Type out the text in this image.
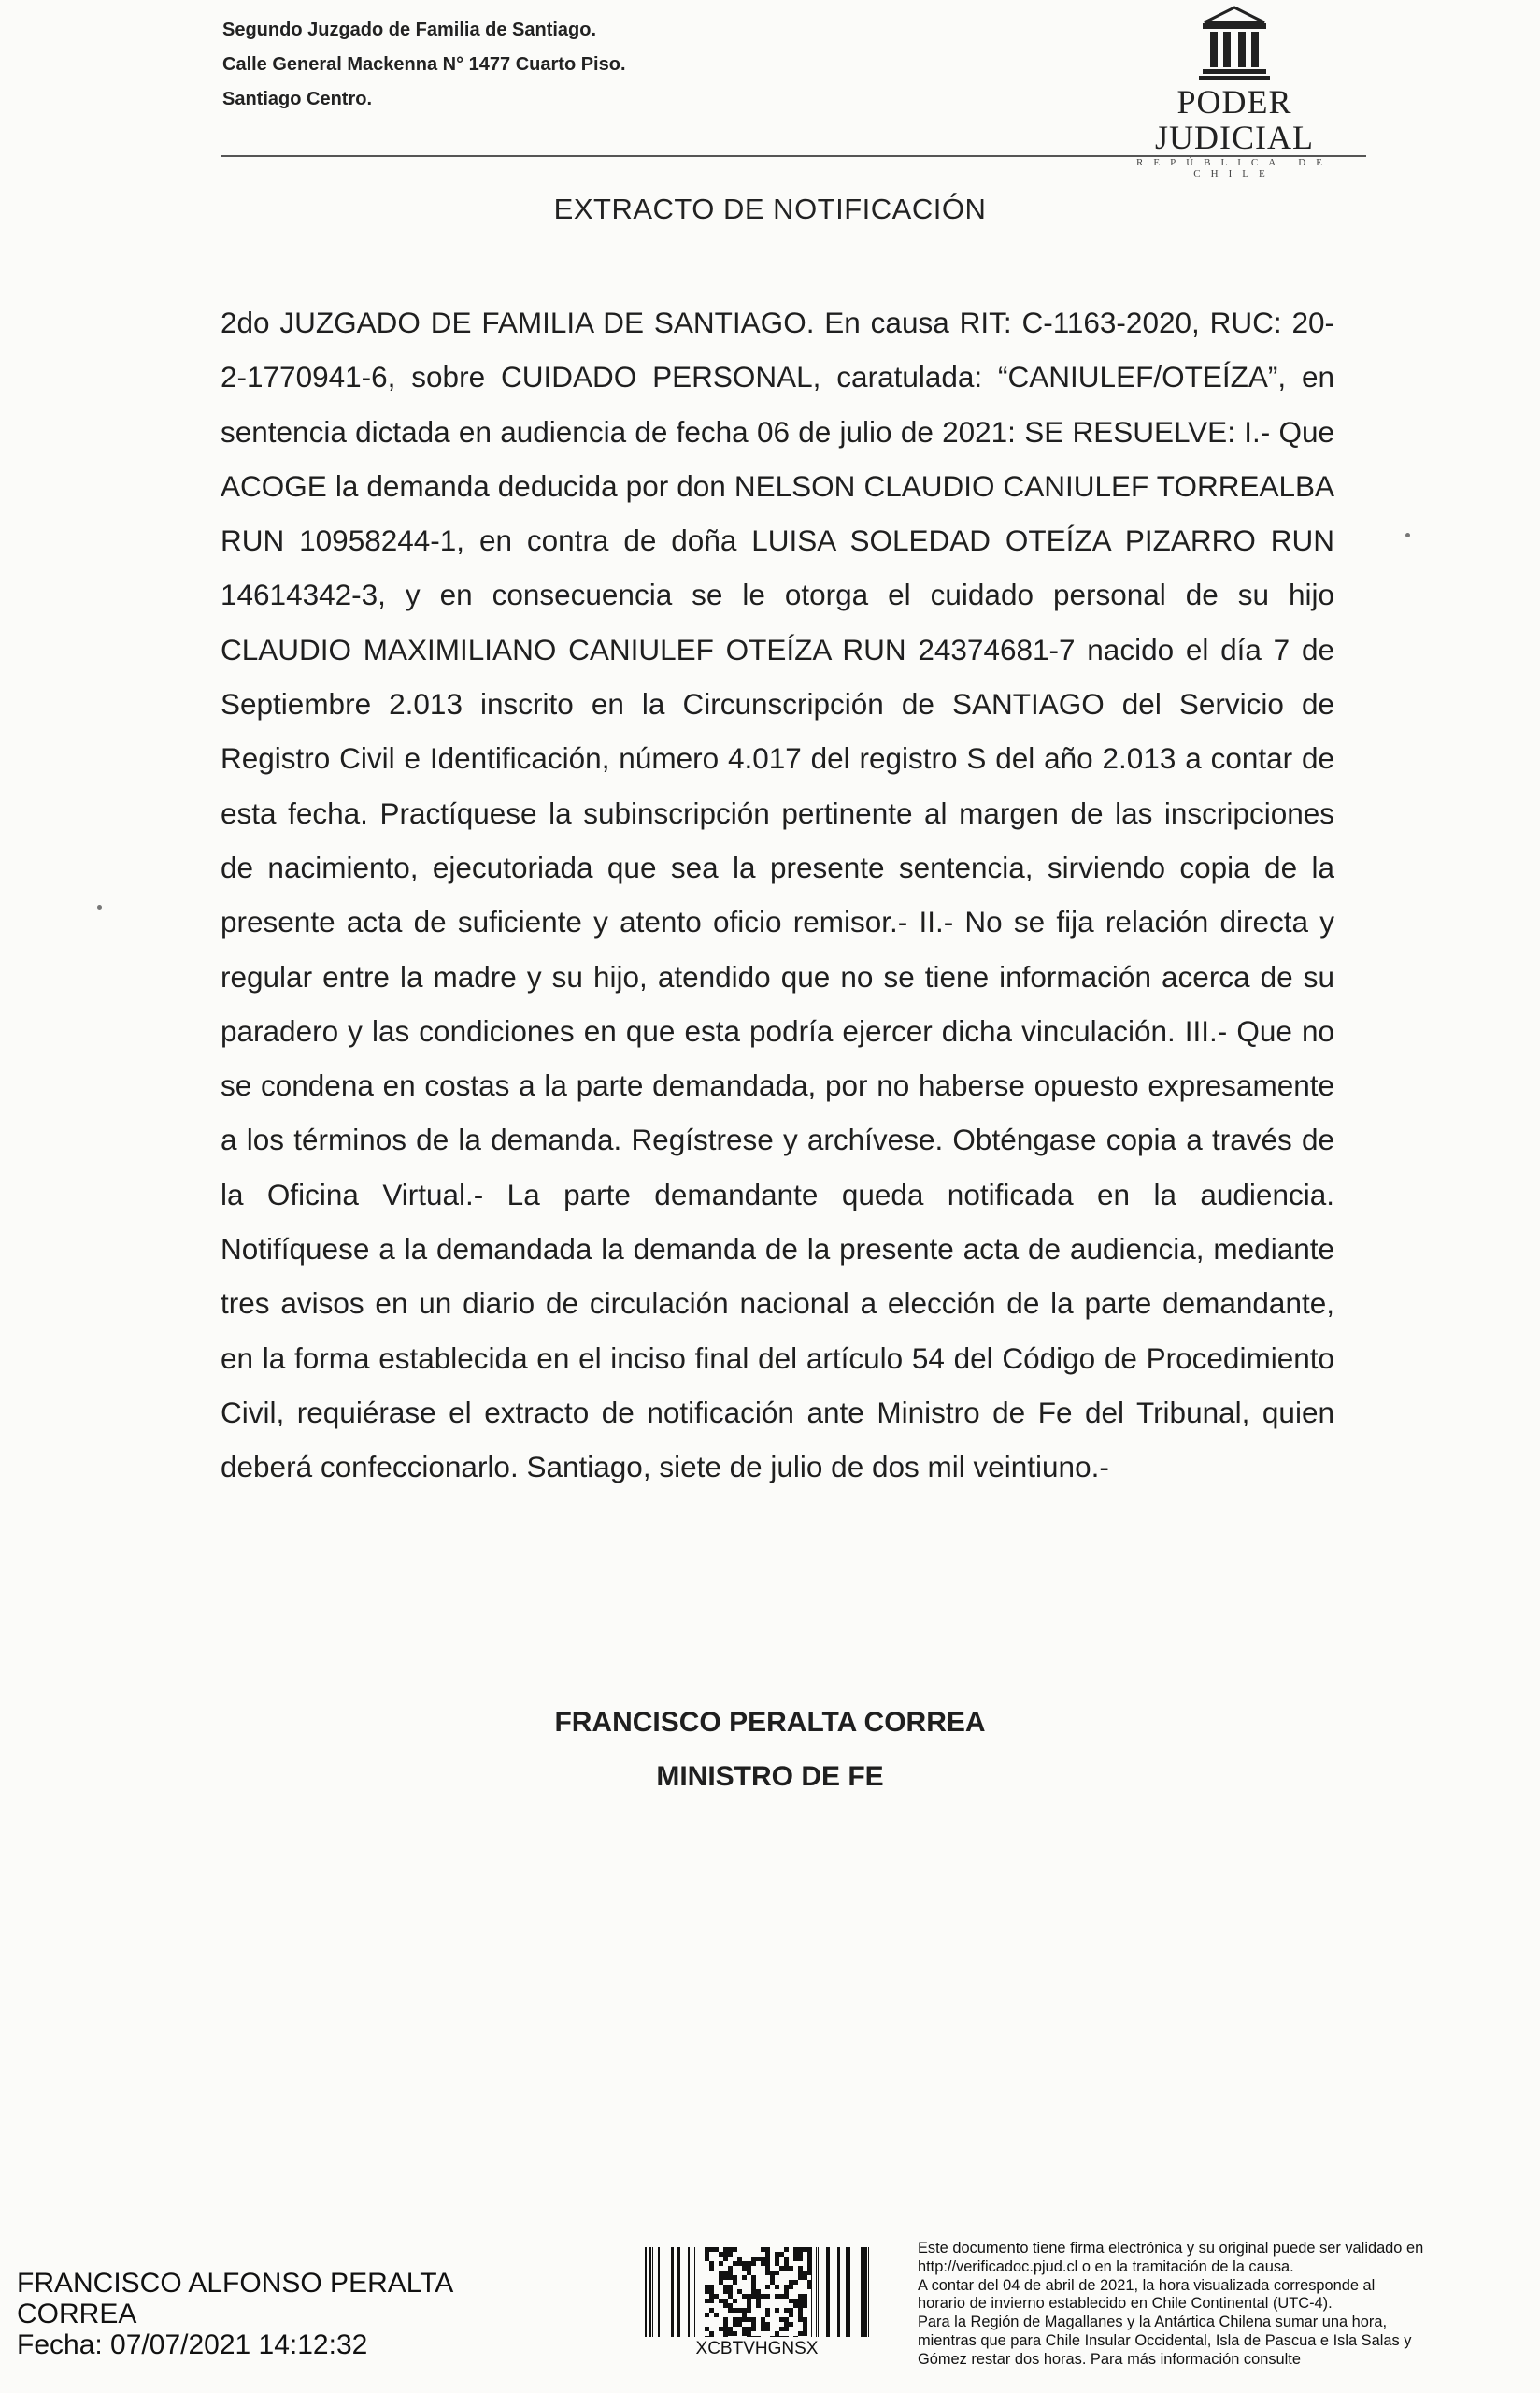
Segundo Juzgado de Familia de Santiago.
Calle General Mackenna N° 1477 Cuarto Piso.
Santiago Centro.	PODER JUDICIAL
REPÚBLICA DE CHILE
EXTRACTO DE NOTIFICACIÓN
2do JUZGADO DE FAMILIA DE SANTIAGO. En causa RIT: C-1163-2020, RUC: 20-2-1770941-6, sobre CUIDADO PERSONAL, caratulada: “CANIULEF/OTEÍZA”, en sentencia dictada en audiencia de fecha 06 de julio de 2021: SE RESUELVE: I.- Que ACOGE la demanda deducida por don NELSON CLAUDIO CANIULEF TORREALBA RUN 10958244-1, en contra de doña LUISA SOLEDAD OTEÍZA PIZARRO RUN 14614342-3, y en consecuencia se le otorga el cuidado personal de su hijo CLAUDIO MAXIMILIANO CANIULEF OTEÍZA RUN 24374681-7 nacido el día 7 de Septiembre 2.013 inscrito en la Circunscripción de SANTIAGO del Servicio de Registro Civil e Identificación, número 4.017 del registro S del año 2.013 a contar de esta fecha. Practíquese la subinscripción pertinente al margen de las inscripciones de nacimiento, ejecutoriada que sea la presente sentencia, sirviendo copia de la presente acta de suficiente y atento oficio remisor.- II.- No se fija relación directa y regular entre la madre y su hijo, atendido que no se tiene información acerca de su paradero y las condiciones en que esta podría ejercer dicha vinculación. III.- Que no se condena en costas a la parte demandada, por no haberse opuesto expresamente a los términos de la demanda. Regístrese y archívese. Obténgase copia a través de la Oficina Virtual.- La parte demandante queda notificada en la audiencia. Notifíquese a la demandada la demanda de la presente acta de audiencia, mediante tres avisos en un diario de circulación nacional a elección de la parte demandante, en la forma establecida en el inciso final del artículo 54 del Código de Procedimiento Civil, requiérase el extracto de notificación ante Ministro de Fe del Tribunal, quien deberá confeccionarlo. Santiago, siete de julio de dos mil veintiuno.-
FRANCISCO PERALTA CORREA
MINISTRO DE FE
FRANCISCO ALFONSO PERALTA
CORREA
Fecha: 07/07/2021 14:12:32	XCBTVHGNSX
Este documento tiene firma electrónica y su original puede ser validado en
http://verificadoc.pjud.cl o en la tramitación de la causa.
A contar del 04 de abril de 2021, la hora visualizada corresponde al
horario de invierno establecido en Chile Continental (UTC-4).
Para la Región de Magallanes y la Antártica Chilena sumar una hora,
mientras que para Chile Insular Occidental, Isla de Pascua e Isla Salas y
Gómez restar dos horas. Para más información consulte
